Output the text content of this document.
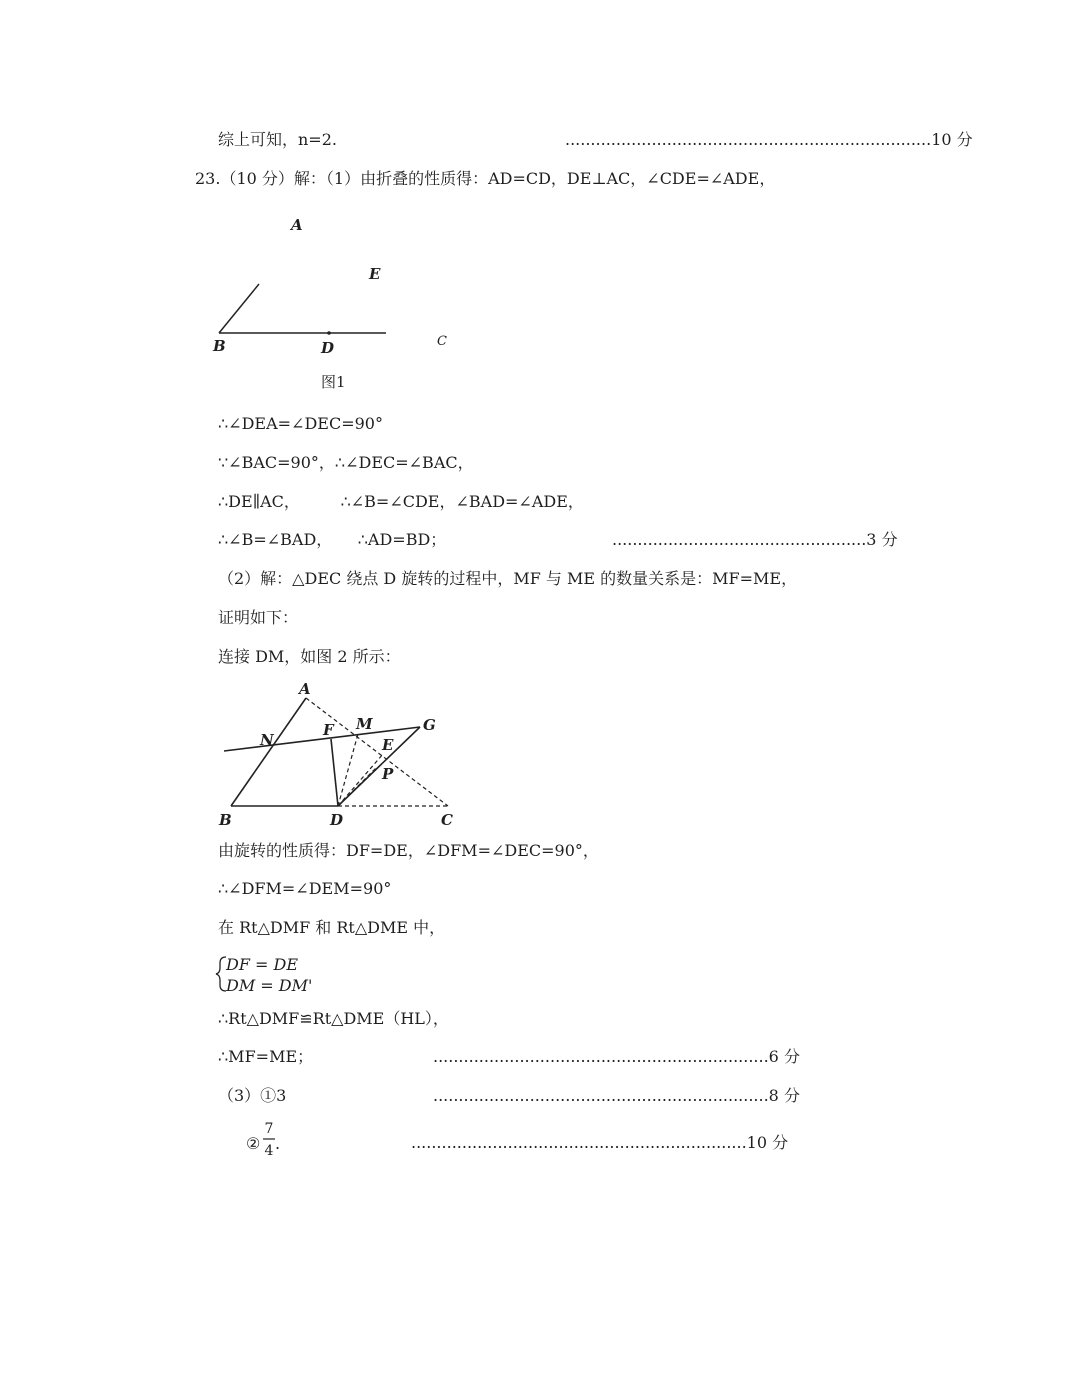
综上可知，n=2.	........................................................................10 分
23.（10 分）解：（1）由折叠的性质得：AD=CD，DE⊥AC，∠CDE=∠ADE，
A
E
B	D	C
图1
∴∠DEA=∠DEC=90°
∵∠BAC=90°，∴∠DEC=∠BAC，
∴DE∥AC，        ∴∠B=∠CDE，∠BAD=∠ADE，
∴∠B=∠BAD，     ∴AD=BD；	..................................................3 分
（2）解：△DEC 绕点 D 旋转的过程中，MF 与 ME 的数量关系是：MF=ME，
证明如下：
连接 DM，如图 2 所示：
A
N
F M	G
E
P
B	D	C
由旋转的性质得：DF=DE，∠DFM=∠DEC=90°，
∴∠DFM=∠DEM=90°
在 Rt△DMF 和 Rt△DME 中，
DF = DE
DM = DM'
∴Rt△DMF≌Rt△DME（HL），
∴MF=ME；	..................................................................6 分
（3）①3	..................................................................8 分
②
7
4 .	..................................................................10 分
